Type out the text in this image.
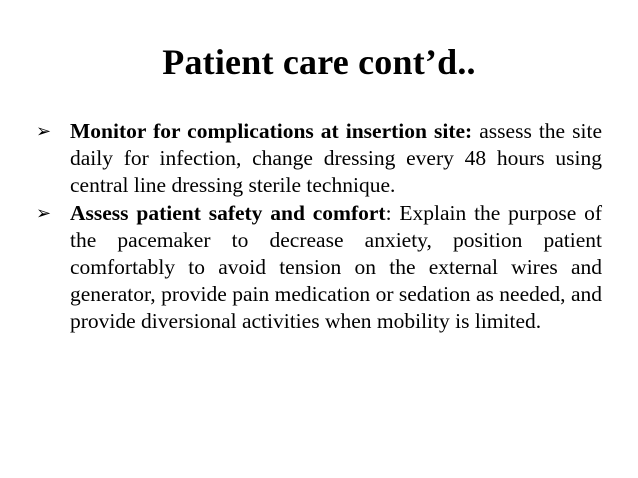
Patient care cont’d..
➢ Monitor for complications at insertion site: assess the site daily for infection, change dressing every 48 hours using central line dressing sterile technique.
➢ Assess patient safety and comfort: Explain the purpose of the pacemaker to decrease anxiety, position patient comfortably to avoid tension on the external wires and generator, provide pain medication or sedation as needed, and provide diversional activities when mobility is limited.
